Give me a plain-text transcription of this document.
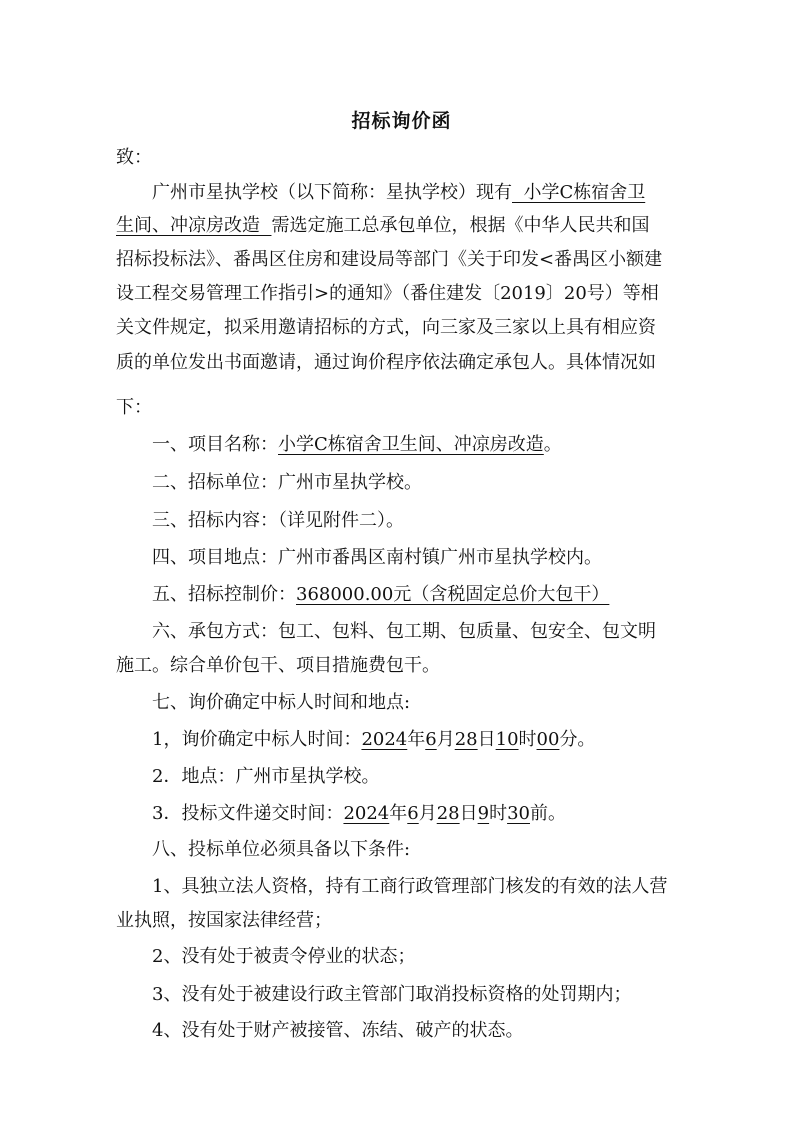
招标询价函
致：
广州市星执学校（以下简称：星执学校）现有  小学C栋宿舍卫
生间、冲凉房改造  需选定施工总承包单位，根据《中华人民共和国
招标投标法》、番禺区住房和建设局等部门《关于印发<番禺区小额建
设工程交易管理工作指引>的通知》（番住建发〔2019〕20号）等相
关文件规定，拟采用邀请招标的方式，向三家及三家以上具有相应资
质的单位发出书面邀请，通过询价程序依法确定承包人。具体情况如
下：
一、项目名称：小学C栋宿舍卫生间、冲凉房改造。
二、招标单位：广州市星执学校。
三、招标内容：（详见附件二）。
四、项目地点：广州市番禺区南村镇广州市星执学校内。
五、招标控制价：368000.00元（含税固定总价大包干）
六、承包方式：包工、包料、包工期、包质量、包安全、包文明
施工。综合单价包干、项目措施费包干。
七、询价确定中标人时间和地点:
1，询价确定中标人时间：2024年6月28日10时00分。
2．地点：广州市星执学校。
3．投标文件递交时间：2024年6月28日9时30前。
八、投标单位必须具备以下条件:
1、具独立法人资格，持有工商行政管理部门核发的有效的法人营
业执照，按国家法律经营；
2、没有处于被责令停业的状态；
3、没有处于被建设行政主管部门取消投标资格的处罚期内；
4、没有处于财产被接管、冻结、破产的状态。
